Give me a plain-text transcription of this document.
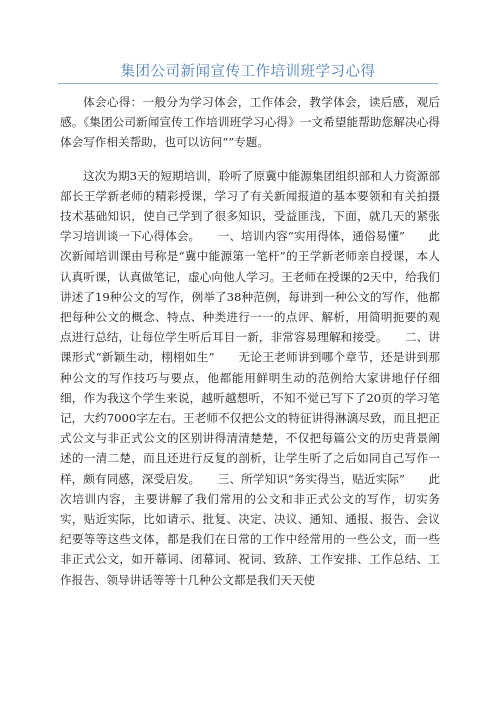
集团公司新闻宣传工作培训班学习心得

体会心得：一般分为学习体会，工作体会，教学体会，读后感，观后感。《集团公司新闻宣传工作培训班学习心得》一文希望能帮助您解决心得体会写作相关帮助，也可以访问“”专题。

这次为期3天的短期培训，聆听了原冀中能源集团组织部和人力资源部部长王学新老师的精彩授课，学习了有关新闻报道的基本要领和有关拍摄技术基础知识，使自己学到了很多知识，受益匪浅，下面，就几天的紧张学习培训谈一下心得体会。　　一、培训内容“实用得体，通俗易懂”　　此次新闻培训课由号称是“冀中能源第一笔杆”的王学新老师亲自授课，本人认真听课，认真做笔记，虚心向他人学习。王老师在授课的2天中，给我们讲述了19种公文的写作，例举了38种范例，每讲到一种公文的写作，他都把每种公文的概念、特点、种类进行一一的点评、解析，用简明扼要的观点进行总结，让每位学生听后耳目一新，非常容易理解和接受。　　二、讲课形式“新颖生动，栩栩如生”　　无论王老师讲到哪个章节，还是讲到那种公文的写作技巧与要点，他都能用鲜明生动的范例给大家讲地仔仔细细，作为我这个学生来说，越听越想听，不知不觉已写下了20页的学习笔记，大约7000字左右。王老师不仅把公文的特征讲得淋漓尽致，而且把正式公文与非正式公文的区别讲得清清楚楚，不仅把每篇公文的历史背景阐述的一清二楚，而且还进行反复的剖析，让学生听了之后如同自己写作一样，颇有同感，深受启发。　　三、所学知识“务实得当，贴近实际”　　此次培训内容，主要讲解了我们常用的公文和非正式公文的写作，切实务实，贴近实际，比如请示、批复、决定、决议、通知、通报、报告、会议纪要等等这些文体，都是我们在日常的工作中经常用的一些公文，而一些非正式公文，如开幕词、闭幕词、祝词、致辞、工作安排、工作总结、工作报告、领导讲话等等十几种公文都是我们天天使
